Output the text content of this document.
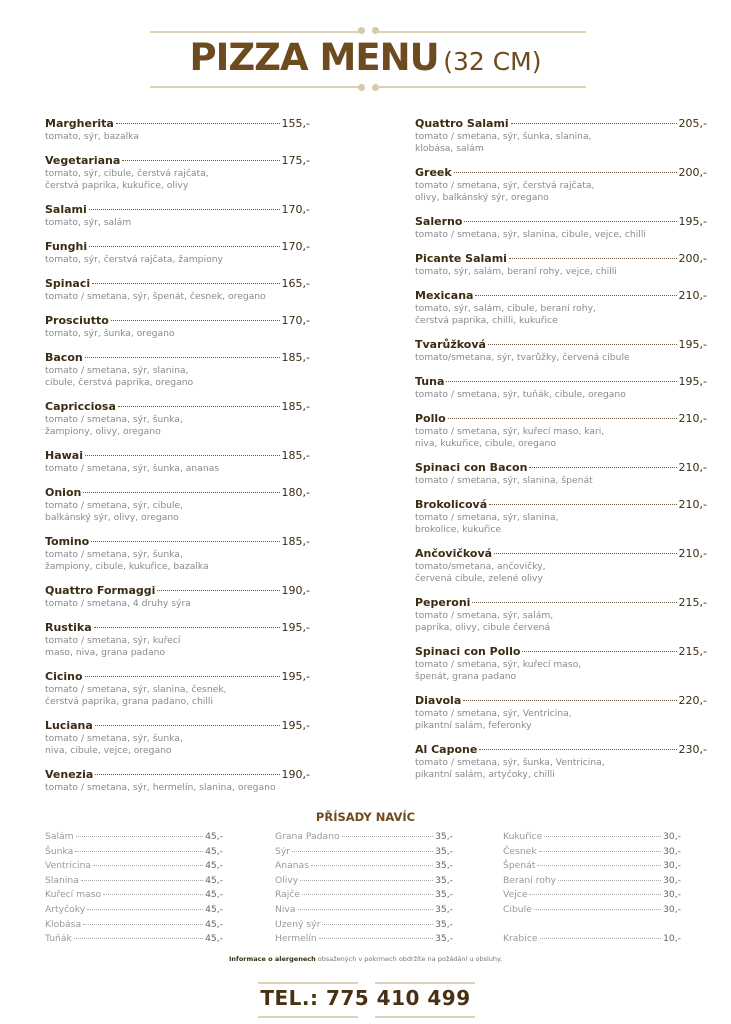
PIZZA MENU (32 CM)
Margherita	155,-
tomato, sýr, bazalka
Vegetariana	175,-
tomato, sýr, cibule, čerstvá rajčata,
čerstvá paprika, kukuřice, olivy
Salami	170,-
tomato, sýr, salám
Funghi	170,-
tomato, sýr, čerstvá rajčata, žampiony
Spinaci	165,-
tomato / smetana, sýr, špenát, česnek, oregano
Prosciutto	170,-
tomato, sýr, šunka, oregano
Bacon	185,-
tomato / smetana, sýr, slanina,
cibule, čerstvá paprika, oregano
Capricciosa	185,-
tomato / smetana, sýr, šunka,
žampiony, olivy, oregano
Hawai	185,-
tomato / smetana, sýr, šunka, ananas
Onion	180,-
tomato / smetana, sýr, cibule,
balkánský sýr, olivy, oregano
Tomino	185,-
tomato / smetana, sýr, šunka,
žampiony, cibule, kukuřice, bazalka
Quattro Formaggi	190,-
tomato / smetana, 4 druhy sýra
Rustika	195,-
tomato / smetana, sýr, kuřecí
maso, niva, grana padano
Cicino	195,-
tomato / smetana, sýr, slanina, česnek,
čerstvá paprika, grana padano, chilli
Luciana	195,-
tomato / smetana, sýr, šunka,
niva, cibule, vejce, oregano
Venezia	190,-
tomato / smetana, sýr, hermelín, slanina, oregano
Quattro Salami	205,-
tomato / smetana, sýr, šunka, slanina,
klobása, salám
Greek	200,-
tomato / smetana, sýr, čerstvá rajčata,
olivy, balkánský sýr, oregano
Salerno	195,-
tomato / smetana, sýr, slanina, cibule, vejce, chilli
Picante Salami	200,-
tomato, sýr, salám, beraní rohy, vejce, chilli
Mexicana	210,-
tomato, sýr, salám, cibule, beraní rohy,
čerstvá paprika, chilli, kukuřice
Tvarůžková	195,-
tomato/smetana, sýr, tvarůžky, červená cibule
Tuna	195,-
tomato / smetana, sýr, tuňák, cibule, oregano
Pollo	210,-
tomato / smetana, sýr, kuřecí maso, kari,
niva, kukuřice, cibule, oregano
Spinaci con Bacon	210,-
tomato / smetana, sýr, slanina, špenát
Brokolicová	210,-
tomato / smetana, sýr, slanina,
brokolice, kukuřice
Ančovičková	210,-
tomato/smetana, ančovičky,
červená cibule, zelené olivy
Peperoni	215,-
tomato / smetana, sýr, salám,
paprika, olivy, cibule červená
Spinaci con Pollo	215,-
tomato / smetana, sýr, kuřecí maso,
špenát, grana padano
Diavola	220,-
tomato / smetana, sýr, Ventricina,
pikantní salám, feferonky
Al Capone	230,-
tomato / smetana, sýr, šunka, Ventricina,
pikantní salám, artyčoky, chilli
PŘÍSADY NAVÍC
Salám	45,-
Šunka	45,-
Ventricina	45,-
Slanina	45,-
Kuřecí maso	45,-
Artyčoky	45,-
Klobása	45,-
Tuňák	45,-
Grana Padano	35,-
Sýr	35,-
Ananas	35,-
Olivy	35,-
Rajče	35,-
Niva	35,-
Uzený sýr	35,-
Hermelín	35,-
Kukuřice	30,-
Česnek	30,-
Špenát	30,-
Beraní rohy	30,-
Vejce	30,-
Cibule	30,-
Krabice	10,-
Informace o alergenech obsažených v pokrmech obdržíte na požádání u obsluhy.
TEL.: 775 410 499
